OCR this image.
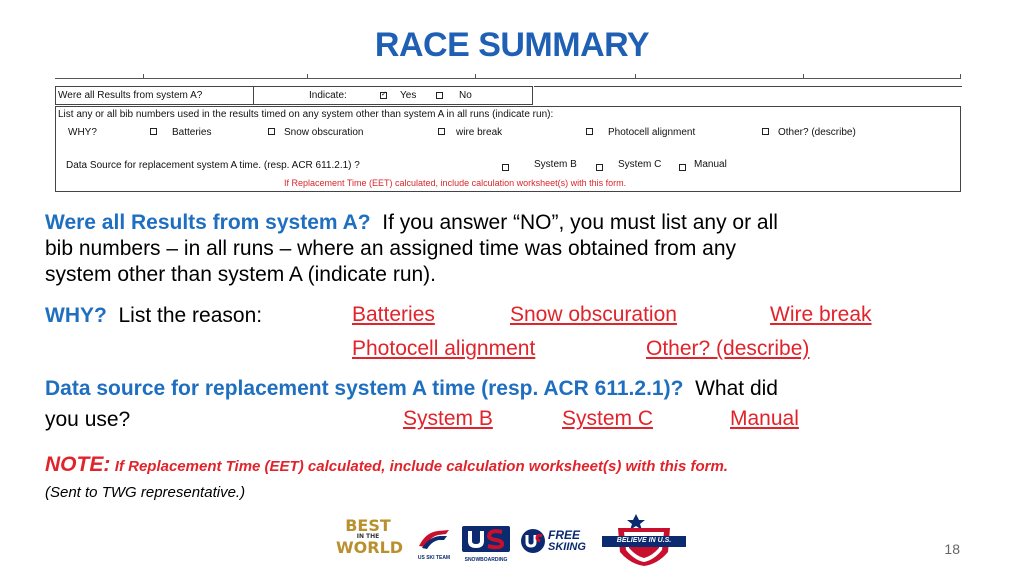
RACE SUMMARY
Were all Results from system A?	Indicate:
✓	Yes	No
List any or all bib numbers used in the results timed on any system other than system A in all runs (indicate run):
WHY?	Batteries	Snow obscuration	wire break	Photocell alignment	Other? (describe)
Data Source for replacement system A time. (resp. ACR 611.2.1) ?	System B	System C	Manual
If Replacement Time (EET) calculated, include calculation worksheet(s) with this form.
Were all Results from system A? If you answer “NO”, you must list any or all
bib numbers – in all runs – where an assigned time was obtained from any
system other than system A (indicate run).
WHY? List the reason:	Batteries	Snow obscuration	Wire break
Photocell alignment	Other? (describe)
Data source for replacement system A time (resp. ACR 611.2.1)? What did
you use?	System B	System C	Manual
NOTE: If Replacement Time (EET) calculated, include calculation worksheet(s) with this form.
(Sent to TWG representative.)
BEST
IN THE
WORLD
US SKI TEAM	SNOWBOARDING
FREE
SKIING
BELIEVE IN U.S.
18
